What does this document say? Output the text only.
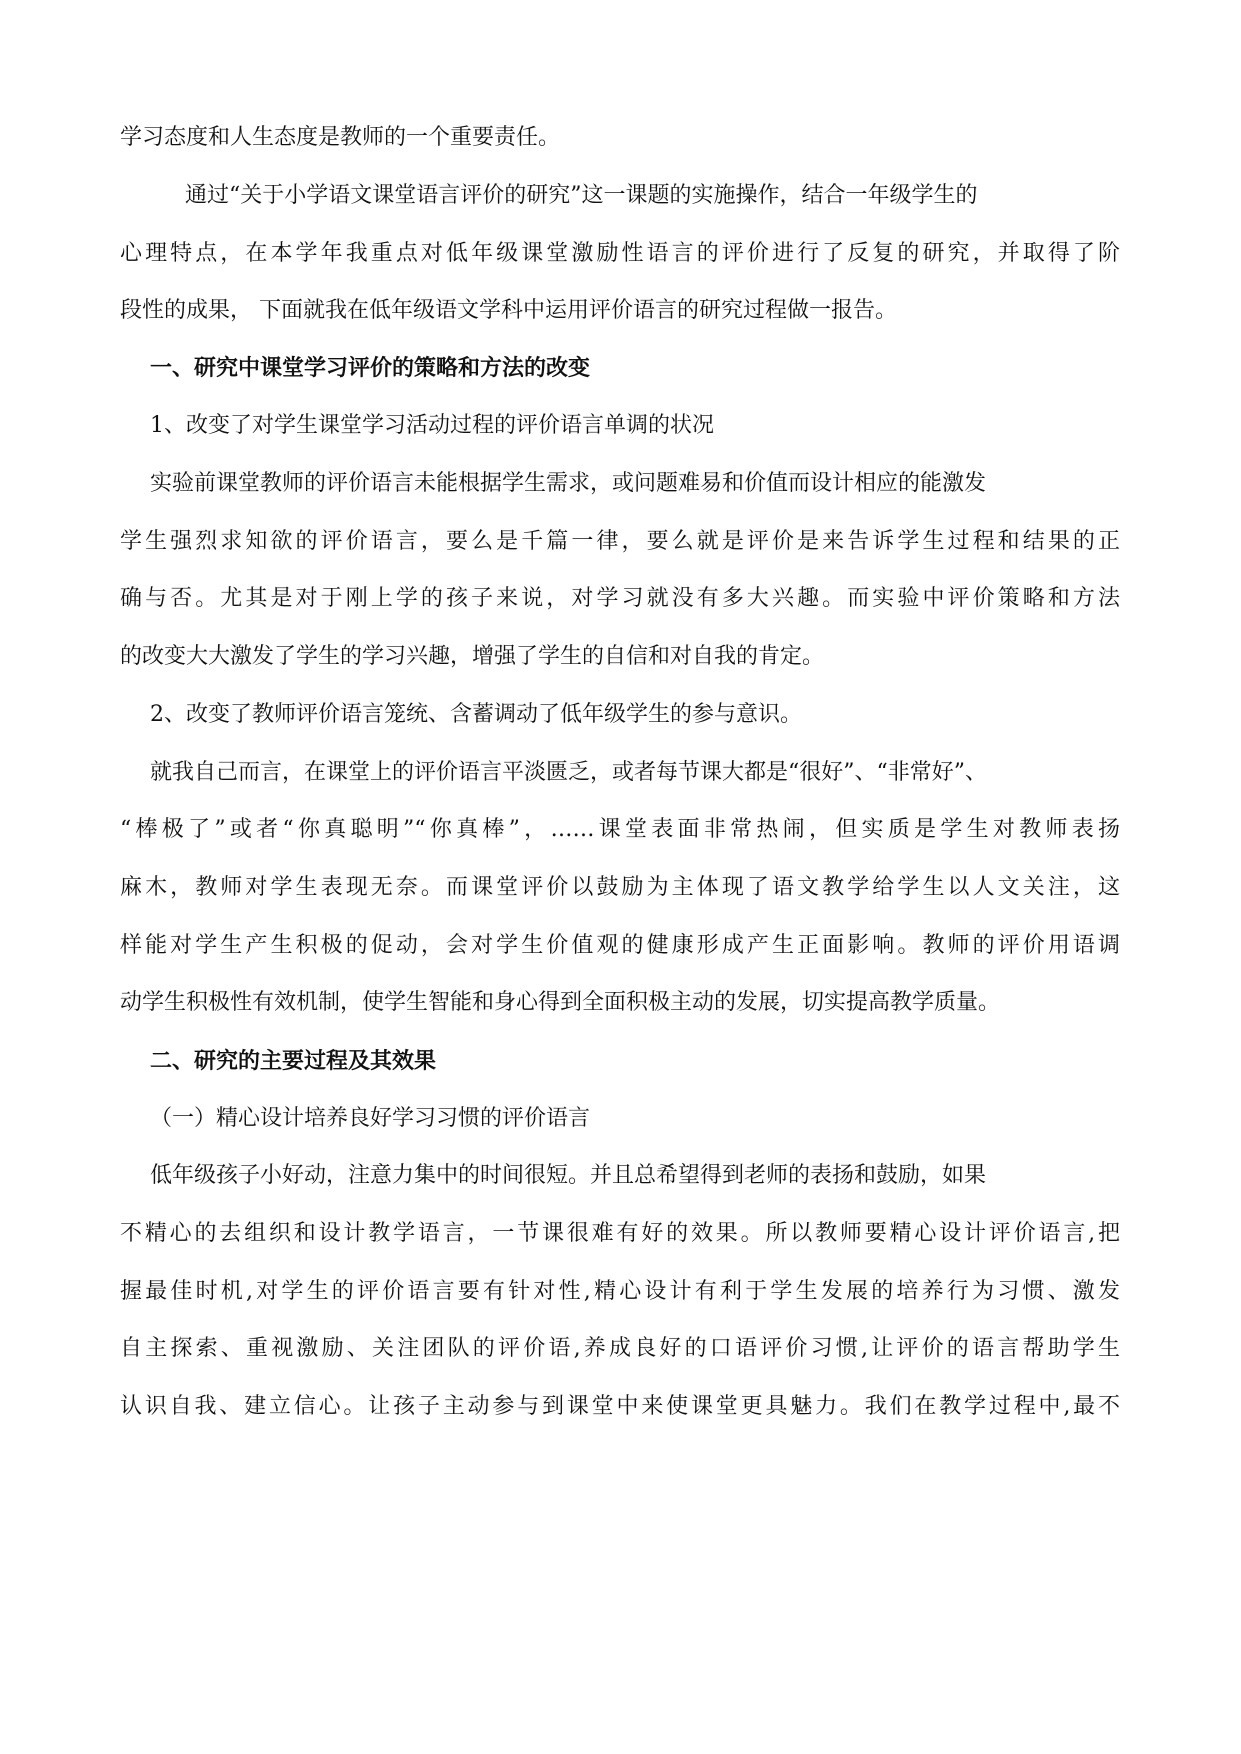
学习态度和人生态度是教师的一个重要责任。
通过“关于小学语文课堂语言评价的研究”这一课题的实施操作，结合一年级学生的
心理特点，在本学年我重点对低年级课堂激励性语言的评价进行了反复的研究，并取得了阶
段性的成果， 下面就我在低年级语文学科中运用评价语言的研究过程做一报告。
一、研究中课堂学习评价的策略和方法的改变
1、改变了对学生课堂学习活动过程的评价语言单调的状况
实验前课堂教师的评价语言未能根据学生需求，或问题难易和价值而设计相应的能激发
学生强烈求知欲的评价语言，要么是千篇一律，要么就是评价是来告诉学生过程和结果的正
确与否。尤其是对于刚上学的孩子来说，对学习就没有多大兴趣。而实验中评价策略和方法
的改变大大激发了学生的学习兴趣，增强了学生的自信和对自我的肯定。
2、改变了教师评价语言笼统、含蓄调动了低年级学生的参与意识。
就我自己而言，在课堂上的评价语言平淡匮乏，或者每节课大都是“很好”、“非常好”、
“棒极了”或者“你真聪明”“你真棒”，……课堂表面非常热闹，但实质是学生对教师表扬
麻木，教师对学生表现无奈。而课堂评价以鼓励为主体现了语文教学给学生以人文关注，这
样能对学生产生积极的促动，会对学生价值观的健康形成产生正面影响。教师的评价用语调
动学生积极性有效机制，使学生智能和身心得到全面积极主动的发展，切实提高教学质量。
二、研究的主要过程及其效果
（一）精心设计培养良好学习习惯的评价语言
低年级孩子小好动，注意力集中的时间很短。并且总希望得到老师的表扬和鼓励，如果
不精心的去组织和设计教学语言，一节课很难有好的效果。所以教师要精心设计评价语言,把
握最佳时机,对学生的评价语言要有针对性,精心设计有利于学生发展的培养行为习惯、激发
自主探索、重视激励、关注团队的评价语,养成良好的口语评价习惯,让评价的语言帮助学生
认识自我、建立信心。让孩子主动参与到课堂中来使课堂更具魅力。我们在教学过程中,最不
